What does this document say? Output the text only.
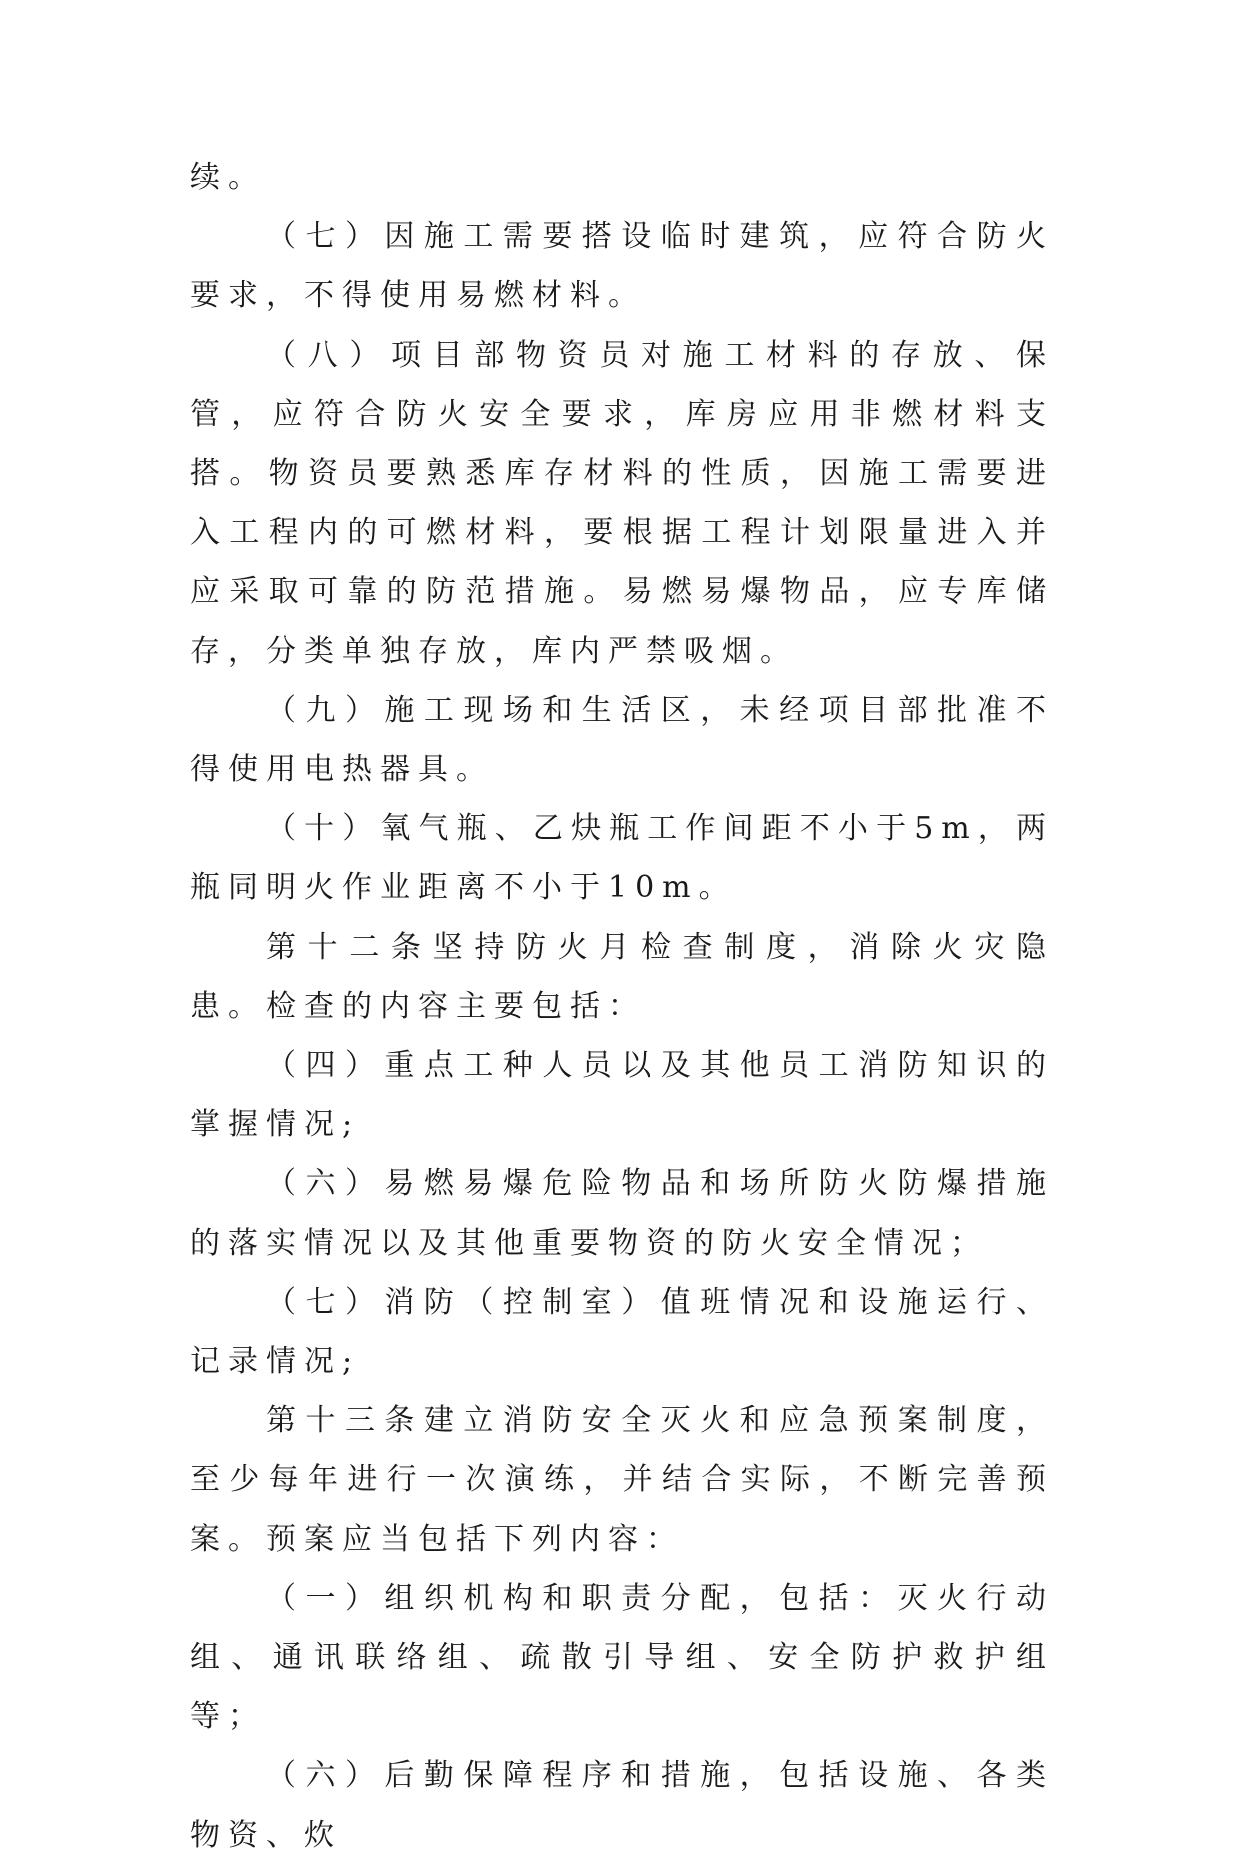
续。

（七）因施工需要搭设临时建筑，应符合防火要求，不得使用易燃材料。

（八）项目部物资员对施工材料的存放、保管，应符合防火安全要求，库房应用非燃材料支搭。物资员要熟悉库存材料的性质，因施工需要进入工程内的可燃材料，要根据工程计划限量进入并应采取可靠的防范措施。易燃易爆物品，应专库储存，分类单独存放，库内严禁吸烟。

（九）施工现场和生活区，未经项目部批准不得使用电热器具。

（十）氧气瓶、乙炔瓶工作间距不小于5m，两瓶同明火作业距离不小于10m。

第十二条坚持防火月检查制度，消除火灾隐患。检查的内容主要包括：

（四）重点工种人员以及其他员工消防知识的掌握情况;

（六）易燃易爆危险物品和场所防火防爆措施的落实情况以及其他重要物资的防火安全情况；

（七）消防（控制室）值班情况和设施运行、记录情况;

第十三条建立消防安全灭火和应急预案制度，至少每年进行一次演练，并结合实际，不断完善预案。预案应当包括下列内容：

（一）组织机构和职责分配，包括：灭火行动组、通讯联络组、疏散引导组、安全防护救护组等；

（六）后勤保障程序和措施，包括设施、各类物资、炊
